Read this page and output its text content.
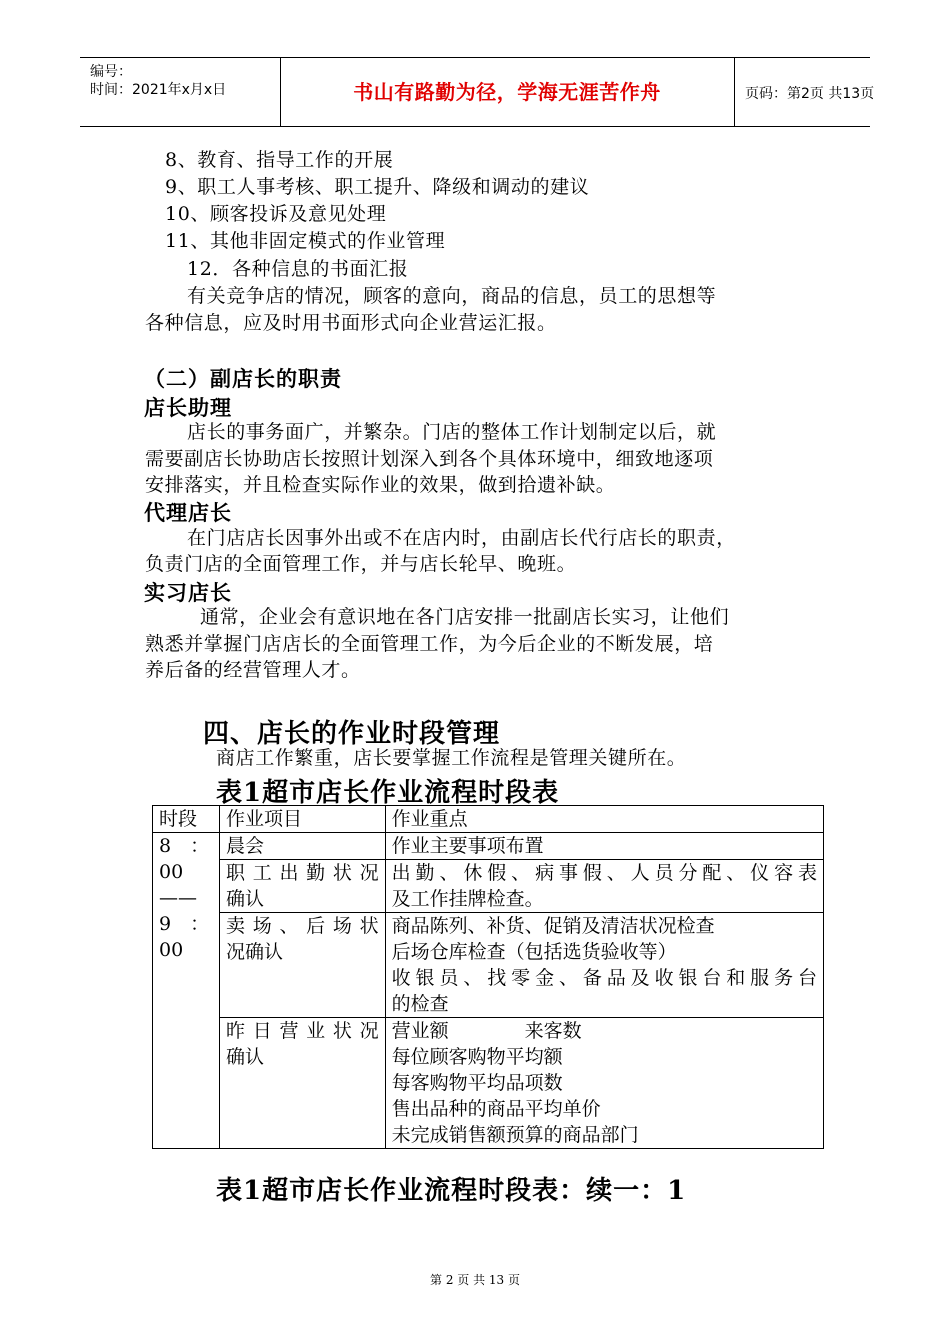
编号：
时间：2021年x月x日	书山有路勤为径，学海无涯苦作舟	页码：第2页 共13页
8、教育、指导工作的开展
9、职工人事考核、职工提升、降级和调动的建议
10、顾客投诉及意见处理
11、其他非固定模式的作业管理
12．各种信息的书面汇报
有关竞争店的情况，顾客的意向，商品的信息，员工的思想等
各种信息，应及时用书面形式向企业营运汇报。
（二）副店长的职责
店长助理
店长的事务面广，并繁杂。门店的整体工作计划制定以后，就
需要副店长协助店长按照计划深入到各个具体环境中，细致地逐项
安排落实，并且检查实际作业的效果，做到拾遗补缺。
代理店长
在门店店长因事外出或不在店内时，由副店长代行店长的职责，
负责门店的全面管理工作，并与店长轮早、晚班。
实习店长
通常，企业会有意识地在各门店安排一批副店长实习，让他们
熟悉并掌握门店店长的全面管理工作，为今后企业的不断发展，培
养后备的经营管理人才。
四、店长的作业时段管理
商店工作繁重，店长要掌握工作流程是管理关键所在。
表1超市店长作业流程时段表
时段	作业项目	作业重点

8　：
00
——
9　：
00	晨会	作业主要事项布置

	职工出勤状况
确认	出勤、休假、病事假、人员分配、仪容表
及工作挂牌检查。

	卖场、后场状
况确认	商品陈列、补货、促销及清洁状况检查
后场仓库检查（包括选货验收等）
收银员、找零金、备品及收银台和服务台
的检查

	昨日营业状况
确认	营业额　　　　来客数
每位顾客购物平均额
每客购物平均品项数
售出品种的商品平均单价
未完成销售额预算的商品部门
表1超市店长作业流程时段表：续一：1
第 2 页 共 13 页
